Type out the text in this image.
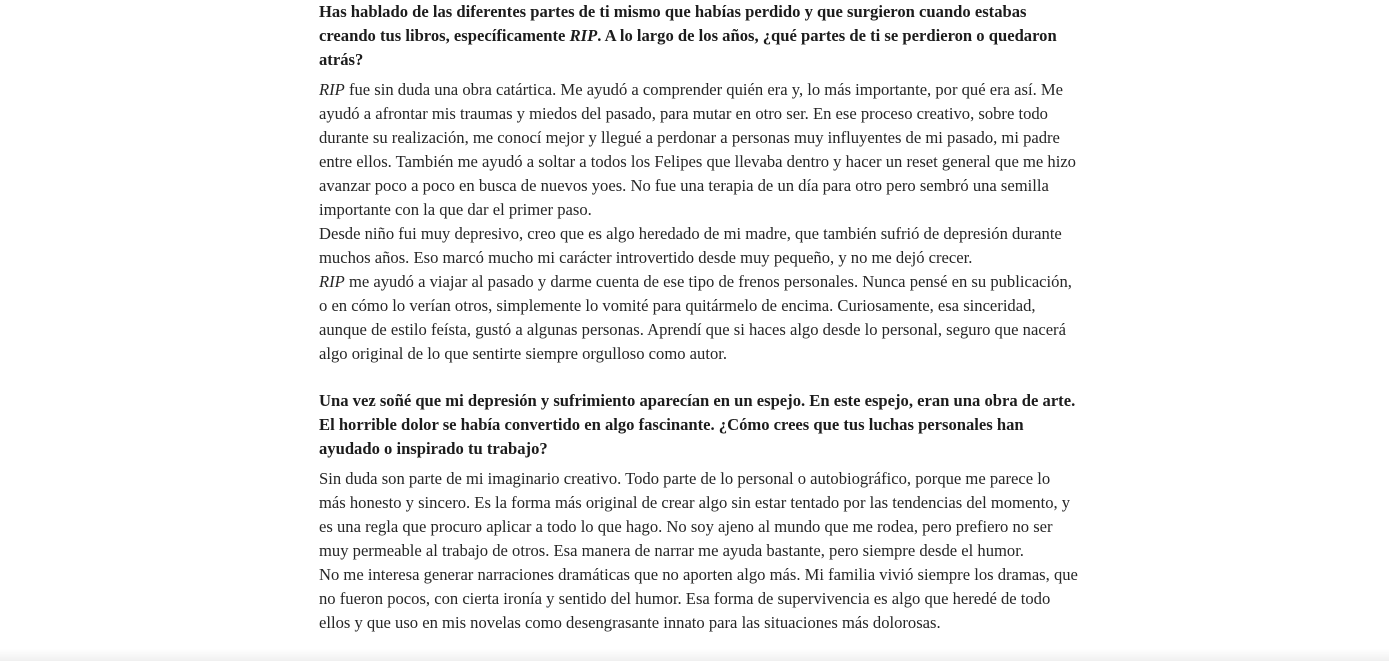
Has hablado de las diferentes partes de ti mismo que habías perdido y que surgieron cuando estabas creando tus libros, específicamente RIP. A lo largo de los años, ¿qué partes de ti se perdieron o quedaron atrás?

RIP fue sin duda una obra catártica. Me ayudó a comprender quién era y, lo más importante, por qué era así. Me ayudó a afrontar mis traumas y miedos del pasado, para mutar en otro ser. En ese proceso creativo, sobre todo durante su realización, me conocí mejor y llegué a perdonar a personas muy influyentes de mi pasado, mi padre entre ellos. También me ayudó a soltar a todos los Felipes que llevaba dentro y hacer un reset general que me hizo avanzar poco a poco en busca de nuevos yoes. No fue una terapia de un día para otro pero sembró una semilla importante con la que dar el primer paso.

Desde niño fui muy depresivo, creo que es algo heredado de mi madre, que también sufrió de depresión durante muchos años. Eso marcó mucho mi carácter introvertido desde muy pequeño, y no me dejó crecer.

RIP me ayudó a viajar al pasado y darme cuenta de ese tipo de frenos personales. Nunca pensé en su publicación, o en cómo lo verían otros, simplemente lo vomité para quitármelo de encima. Curiosamente, esa sinceridad, aunque de estilo feísta, gustó a algunas personas. Aprendí que si haces algo desde lo personal, seguro que nacerá algo original de lo que sentirte siempre orgulloso como autor.

Una vez soñé que mi depresión y sufrimiento aparecían en un espejo. En este espejo, eran una obra de arte. El horrible dolor se había convertido en algo fascinante. ¿Cómo crees que tus luchas personales han ayudado o inspirado tu trabajo?

Sin duda son parte de mi imaginario creativo. Todo parte de lo personal o autobiográfico, porque me parece lo más honesto y sincero. Es la forma más original de crear algo sin estar tentado por las tendencias del momento, y es una regla que procuro aplicar a todo lo que hago. No soy ajeno al mundo que me rodea, pero prefiero no ser muy permeable al trabajo de otros. Esa manera de narrar me ayuda bastante, pero siempre desde el humor.

No me interesa generar narraciones dramáticas que no aporten algo más. Mi familia vivió siempre los dramas, que no fueron pocos, con cierta ironía y sentido del humor. Esa forma de supervivencia es algo que heredé de todo ellos y que uso en mis novelas como desengrasante innato para las situaciones más dolorosas.
